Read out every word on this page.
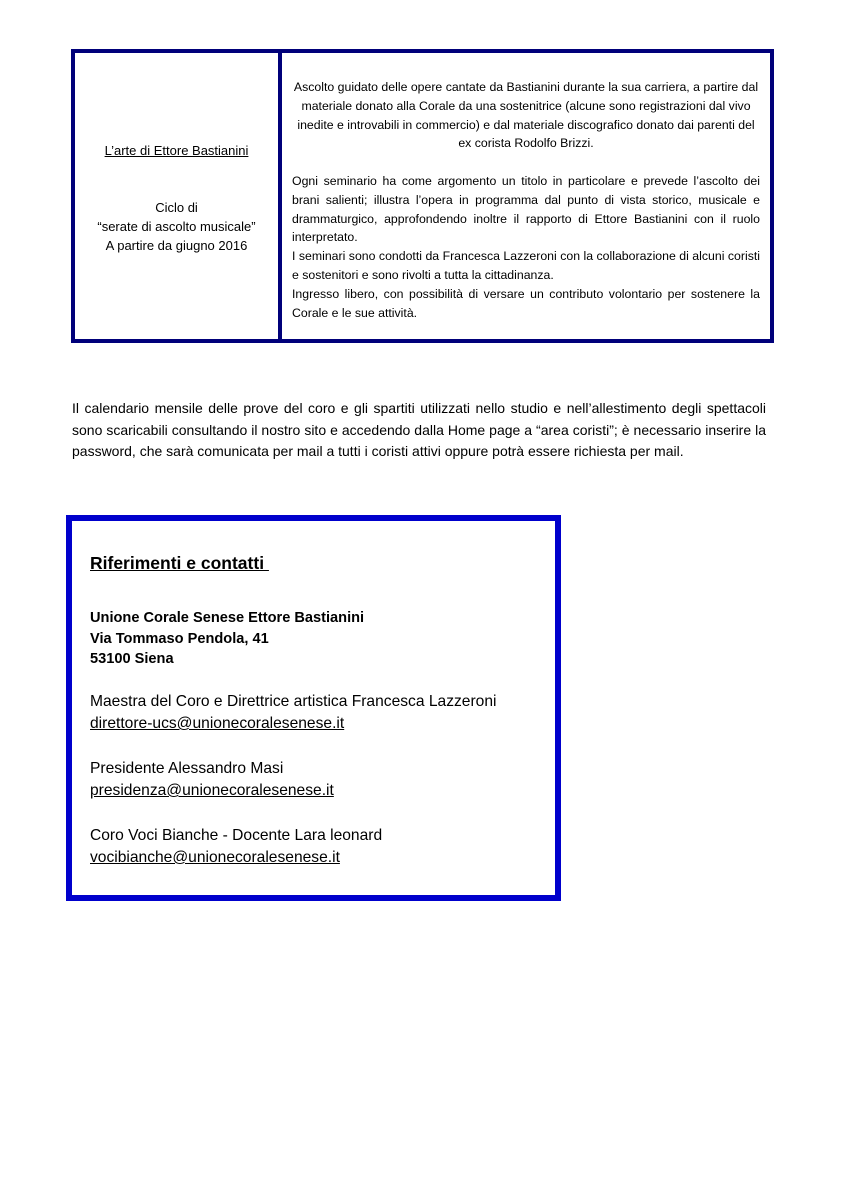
L’arte di Ettore Bastianini
Ciclo di
“serate di ascolto musicale”
A partire da giugno 2016

Ascolto guidato delle opere cantate da Bastianini durante la sua carriera, a partire dal materiale donato alla Corale da una sostenitrice (alcune sono registrazioni dal vivo inedite e introvabili in commercio) e dal materiale discografico donato dai parenti del ex corista Rodolfo Brizzi.

Ogni seminario ha come argomento un titolo in particolare e prevede l’ascolto dei brani salienti; illustra l’opera in programma dal punto di vista storico, musicale e drammaturgico, approfondendo inoltre il rapporto di Ettore Bastianini con il ruolo interpretato.

I seminari sono condotti da Francesca Lazzeroni con la collaborazione di alcuni coristi e sostenitori e sono rivolti a tutta la cittadinanza.

Ingresso libero, con possibilità di versare un contributo volontario per sostenere la Corale e le sue attività.

Il calendario mensile delle prove del coro e gli spartiti utilizzati nello studio e nell’allestimento degli spettacoli sono scaricabili consultando il nostro sito e accedendo dalla Home page a “area coristi”; è necessario inserire la password, che sarà comunicata per mail a tutti i coristi attivi oppure potrà essere richiesta per mail.

Riferimenti e contatti
Unione Corale Senese Ettore Bastianini
Via Tommaso Pendola, 41
53100 Siena
Maestra del Coro e Direttrice artistica Francesca Lazzeroni
direttore-ucs@unionecoralesenese.it
Presidente Alessandro Masi
presidenza@unionecoralesenese.it
Coro Voci Bianche - Docente Lara leonard
vocibianche@unionecoralesenese.it
